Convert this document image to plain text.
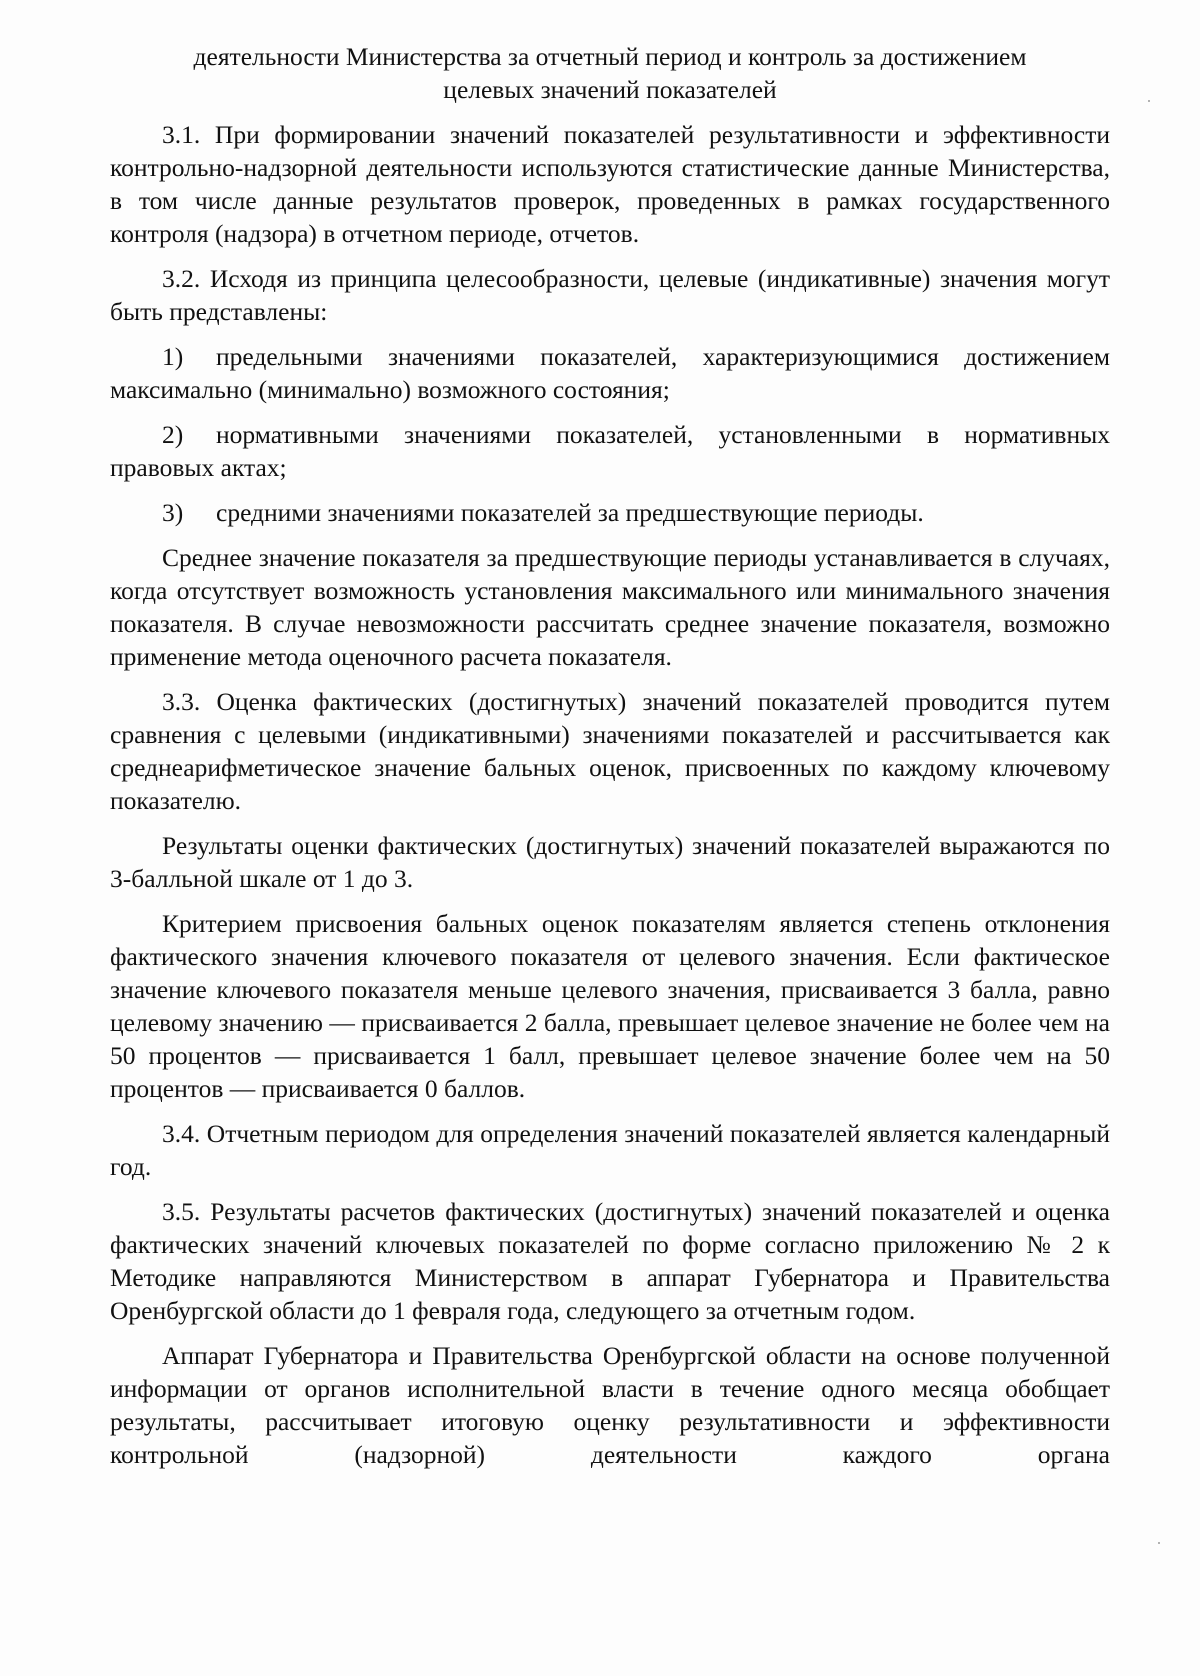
деятельности Министерства за отчетный период и контроль за достижением
целевых значений показателей

3.1. При формировании значений показателей результативности и эффективности контрольно-надзорной деятельности используются статистические данные Министерства, в том числе данные результатов проверок, проведенных в рамках государственного контроля (надзора) в отчетном периоде, отчетов.

3.2. Исходя из принципа целесообразности, целевые (индикативные) значения могут быть представлены:

1) предельными значениями показателей, характеризующимися достижением максимально (минимально) возможного состояния;

2) нормативными значениями показателей, установленными в нормативных правовых актах;

3) средними значениями показателей за предшествующие периоды.

Среднее значение показателя за предшествующие периоды устанавливается в случаях, когда отсутствует возможность установления максимального или минимального значения показателя. В случае невозможности рассчитать среднее значение показателя, возможно применение метода оценочного расчета показателя.

3.3. Оценка фактических (достигнутых) значений показателей проводится путем сравнения с целевыми (индикативными) значениями показателей и рассчитывается как среднеарифметическое значение бальных оценок, присвоенных по каждому ключевому показателю.

Результаты оценки фактических (достигнутых) значений показателей выражаются по 3-балльной шкале от 1 до 3.

Критерием присвоения бальных оценок показателям является степень отклонения фактического значения ключевого показателя от целевого значения. Если фактическое значение ключевого показателя меньше целевого значения, присваивается 3 балла, равно целевому значению — присваивается 2 балла, превышает целевое значение не более чем на 50 процентов — присваивается 1 балл, превышает целевое значение более чем на 50 процентов — присваивается 0 баллов.

3.4. Отчетным периодом для определения значений показателей является календарный год.

3.5. Результаты расчетов фактических (достигнутых) значений показателей и оценка фактических значений ключевых показателей по форме согласно приложению № 2 к Методике направляются Министерством в аппарат Губернатора и Правительства Оренбургской области до 1 февраля года, следующего за отчетным годом.

Аппарат Губернатора и Правительства Оренбургской области на основе полученной информации от органов исполнительной власти в течение одного месяца обобщает результаты, рассчитывает итоговую оценку результативности и эффективности контрольной (надзорной) деятельности каждого органа
